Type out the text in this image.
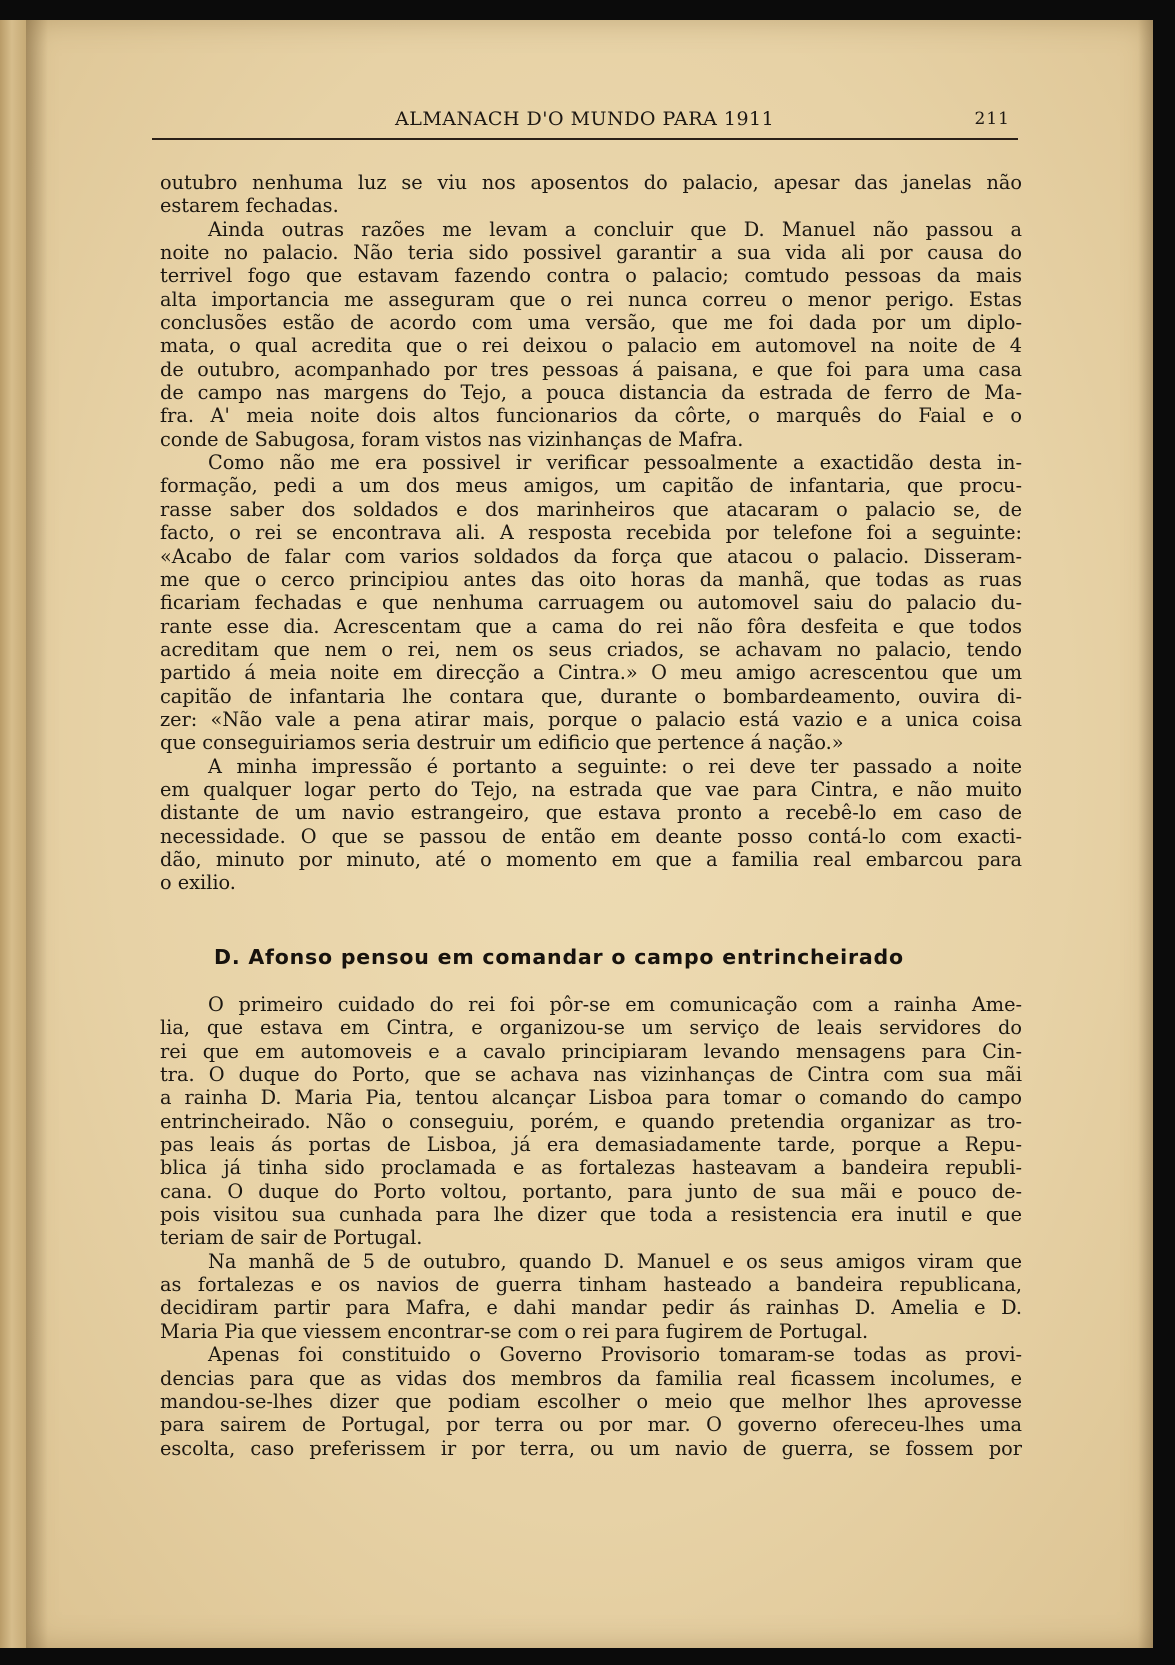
ALMANACH D'O MUNDO PARA 1911	211

outubro nenhuma luz se viu nos aposentos do palacio, apesar das janelas não

estarem fechadas.

Ainda outras razões me levam a concluir que D. Manuel não passou a

noite no palacio. Não teria sido possivel garantir a sua vida ali por causa do

terrivel fogo que estavam fazendo contra o palacio; comtudo pessoas da mais

alta importancia me asseguram que o rei nunca correu o menor perigo. Estas

conclusões estão de acordo com uma versão, que me foi dada por um diplo-

mata, o qual acredita que o rei deixou o palacio em automovel na noite de 4

de outubro, acompanhado por tres pessoas á paisana, e que foi para uma casa

de campo nas margens do Tejo, a pouca distancia da estrada de ferro de Ma-

fra. A' meia noite dois altos funcionarios da côrte, o marquês do Faial e o

conde de Sabugosa, foram vistos nas vizinhanças de Mafra.

Como não me era possivel ir verificar pessoalmente a exactidão desta in-

formação, pedi a um dos meus amigos, um capitão de infantaria, que procu-

rasse saber dos soldados e dos marinheiros que atacaram o palacio se, de

facto, o rei se encontrava ali. A resposta recebida por telefone foi a seguinte:

«Acabo de falar com varios soldados da força que atacou o palacio. Disseram-

me que o cerco principiou antes das oito horas da manhã, que todas as ruas

ficariam fechadas e que nenhuma carruagem ou automovel saiu do palacio du-

rante esse dia. Acrescentam que a cama do rei não fôra desfeita e que todos

acreditam que nem o rei, nem os seus criados, se achavam no palacio, tendo

partido á meia noite em direcção a Cintra.» O meu amigo acrescentou que um

capitão de infantaria lhe contara que, durante o bombardeamento, ouvira di-

zer: «Não vale a pena atirar mais, porque o palacio está vazio e a unica coisa

que conseguiriamos seria destruir um edificio que pertence á nação.»

A minha impressão é portanto a seguinte: o rei deve ter passado a noite

em qualquer logar perto do Tejo, na estrada que vae para Cintra, e não muito

distante de um navio estrangeiro, que estava pronto a recebê-lo em caso de

necessidade. O que se passou de então em deante posso contá-lo com exacti-

dão, minuto por minuto, até o momento em que a familia real embarcou para

o exilio.

D. Afonso pensou em comandar o campo entrincheirado

O primeiro cuidado do rei foi pôr-se em comunicação com a rainha Ame-

lia, que estava em Cintra, e organizou-se um serviço de leais servidores do

rei que em automoveis e a cavalo principiaram levando mensagens para Cin-

tra. O duque do Porto, que se achava nas vizinhanças de Cintra com sua mãi

a rainha D. Maria Pia, tentou alcançar Lisboa para tomar o comando do campo

entrincheirado. Não o conseguiu, porém, e quando pretendia organizar as tro-

pas leais ás portas de Lisboa, já era demasiadamente tarde, porque a Repu-

blica já tinha sido proclamada e as fortalezas hasteavam a bandeira republi-

cana. O duque do Porto voltou, portanto, para junto de sua mãi e pouco de-

pois visitou sua cunhada para lhe dizer que toda a resistencia era inutil e que

teriam de sair de Portugal.

Na manhã de 5 de outubro, quando D. Manuel e os seus amigos viram que

as fortalezas e os navios de guerra tinham hasteado a bandeira republicana,

decidiram partir para Mafra, e dahi mandar pedir ás rainhas D. Amelia e D.

Maria Pia que viessem encontrar-se com o rei para fugirem de Portugal.

Apenas foi constituido o Governo Provisorio tomaram-se todas as provi-

dencias para que as vidas dos membros da familia real ficassem incolumes, e

mandou-se-lhes dizer que podiam escolher o meio que melhor lhes aprovesse

para sairem de Portugal, por terra ou por mar. O governo ofereceu-lhes uma

escolta, caso preferissem ir por terra, ou um navio de guerra, se fossem por
